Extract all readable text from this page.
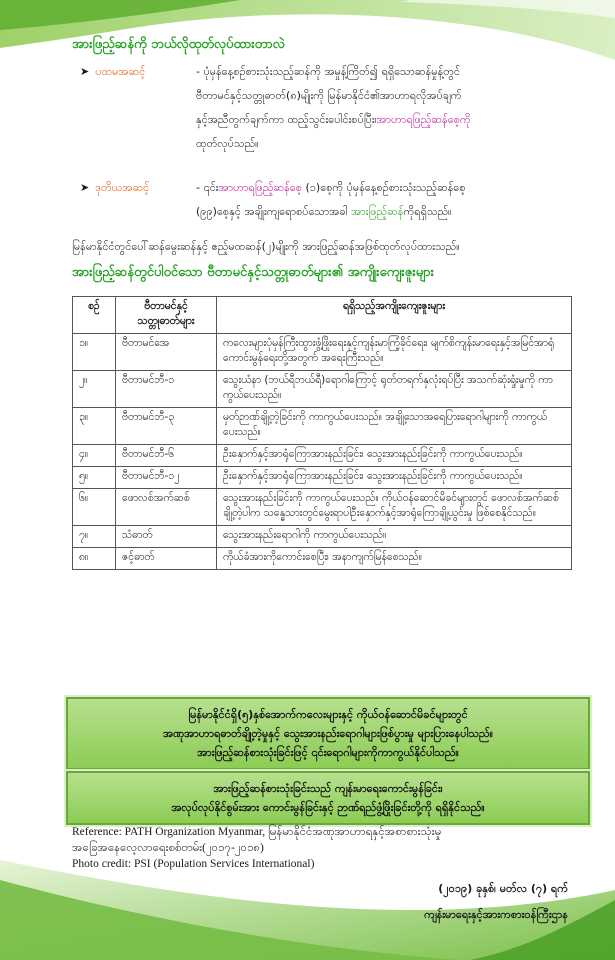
အားဖြည့်ဆန်ကို ဘယ်လိုထုတ်လုပ်ထားတာလဲ
➤ ပထမအဆင့်	- ပုံမှန်နေ့စဉ်စားသုံးသည့်ဆန်ကို အမှုန့်ကြိတ်၍ ရရှိသောဆန်မှုန့်တွင်
ဗီတာမင်နှင့်သတ္တုဓာတ်(၈)မျိုးကို မြန်မာနိုင်ငံ၏အာဟာရလိုအပ်ချက်
နှင့်အညီတွက်ချက်ကာ ထည့်သွင်းပေါင်းစပ်ပြီး၊အာဟာရဖြည့်ဆန်စေ့ကို
ထုတ်လုပ်သည်။
➤ ဒုတိယအဆင့်	- ၎င်းအာဟာရဖြည့်ဆန်စေ့ (၁)စေ့ကို ပုံမှန်နေ့စဉ်စားသုံးသည့်ဆန်စေ့
(၉၉)စေ့နှင့် အချိုးကျရောစပ်သောအခါ အားဖြည့်ဆန်ကိုရရှိသည်။
မြန်မာနိုင်ငံတွင်ပေါ်ဆန်မွေးဆန်နှင့် ဧည့်မထဆန်(၂)မျိုးကို အားဖြည့်ဆန်အဖြစ်ထုတ်လုပ်ထားသည်။
အားဖြည့်ဆန်တွင်ပါဝင်သော ဗီတာမင်နှင့်သတ္တုဓာတ်များ၏ အကျိုးကျေးဇူးများ
စဉ်	ဗီတာမင်နှင့်
သတ္တုဓာတ်များ	ရရှိသည့်အကျိုးကျေးဇူးများ
၁။	ဗီတာမင်အေ	ကလေးများပုံမှန်ကြီးထွားဖွံ့ဖြိုးရေးနှင့်ကျန်းမာကြံ့ခိုင်ရေး၊ မျက်စိကျန်းမာရေးနှင့်အမြင်အာရုံကောင်းမွန်ရေးတို့အတွက် အရေးကြီးသည်။
၂။	ဗီတာမင်ဘီ-၁	သွေးယံနာ (ဘယ်ရီဘယ်ရီ)ရောဂါကြောင့် ရုတ်တရက်နှလုံးရပ်ပြီး အသက်ဆုံးရှုံးမှုကို ကာကွယ်ပေးသည်။
၃။	ဗီတာမင်ဘီ-၃	မှတ်ဉာဏ်ချို့တဲ့ခြင်းကို ကာကွယ်ပေးသည်။ အချို့သောအရေပြားရောဂါများကို ကာကွယ်ပေးသည်။
၄။	ဗီတာမင်ဘီ-၆	ဦးနှောက်နှင့်အာရုံကြောအားနည်းခြင်း၊ သွေးအားနည်းခြင်းကို ကာကွယ်ပေးသည်။
၅။	ဗီတာမင်ဘီ-၁၂	ဦးနှောက်နှင့်အာရုံကြောအားနည်းခြင်း၊ သွေးအားနည်းခြင်းကို ကာကွယ်ပေးသည်။
၆။	ဖောလစ်အက်ဆစ်	သွေးအားနည်းခြင်းကို ကာကွယ်ပေးသည်။ ကိုယ်ဝန်ဆောင်မိခင်များတွင် ဖောလစ်အက်ဆစ်ချို့တဲ့ပါက သန္ဓေသားတွင်မွေးရာပါဦးနှောက်နှင့်အာရုံကြောချို့ယွင်းမှု ဖြစ်စေနိုင်သည်။
၇။	သံဓာတ်	သွေးအားနည်းရောဂါကို ကာကွယ်ပေးသည်။
၈။	ဇင့်ဓာတ်	ကိုယ်ခံအားကိုကောင်းစေပြီး၊ အနာကျက်မြန်စေသည်။
မြန်မာနိုင်ငံရှိ(၅)နှစ်အောက်ကလေးများနှင့် ကိုယ်ဝန်ဆောင်မိခင်များတွင်
အဏုအာဟာရဓာတ်ချို့တဲ့မှုနှင့် သွေးအားနည်းရောဂါများဖြစ်ပွားမှု များပြားနေပါသည်။
အားဖြည့်ဆန်စားသုံးခြင်းဖြင့် ၎င်းရောဂါများကိုကာကွယ်နိုင်ပါသည်။
အားဖြည့်ဆန်စားသုံးခြင်းသည် ကျန်းမာရေးကောင်းမွန်ခြင်း၊
အလုပ်လုပ်နိုင်စွမ်းအား ကောင်းမွန်ခြင်းနှင့် ဉာဏ်ရည်ဖွံ့ဖြိုးခြင်းတို့ကို ရရှိနိုင်သည်။
Reference: PATH Organization Myanmar, မြန်မာနိုင်ငံအဏုအာဟာရနှင့်အစာစားသုံးမှု
အခြေအနေလေ့လာရေးစစ်တမ်း(၂၀၁၇-၂၀၁၈)
Photo credit: PSI (Population Services International)
(၂၀၁၉) ခုနှစ်၊ မတ်လ (၇) ရက်
ကျန်းမာရေးနှင့်အားကစားဝန်ကြီးဌာန
